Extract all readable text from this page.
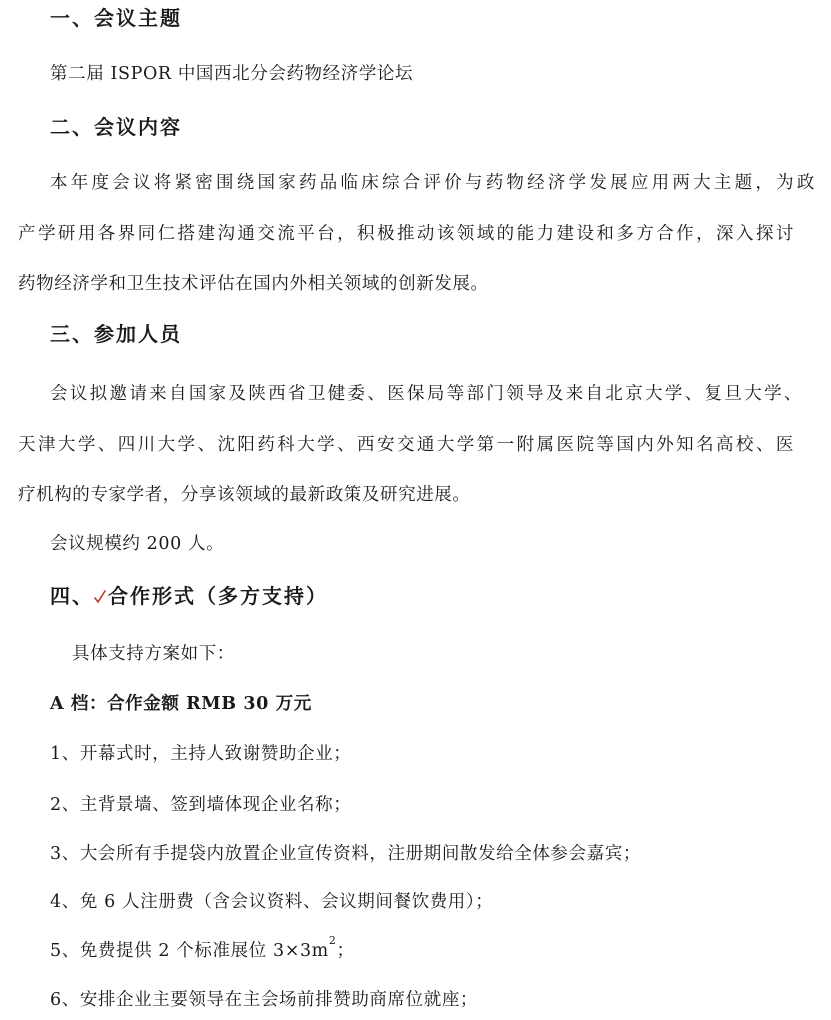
一、会议主题
第二届 ISPOR 中国西北分会药物经济学论坛
二、会议内容
本年度会议将紧密围绕国家药品临床综合评价与药物经济学发展应用两大主题，为政
产学研用各界同仁搭建沟通交流平台，积极推动该领域的能力建设和多方合作，深入探讨
药物经济学和卫生技术评估在国内外相关领域的创新发展。
三、参加人员
会议拟邀请来自国家及陕西省卫健委、医保局等部门领导及来自北京大学、复旦大学、
天津大学、四川大学、沈阳药科大学、西安交通大学第一附属医院等国内外知名高校、医
疗机构的专家学者，分享该领域的最新政策及研究进展。
会议规模约 200 人。
四、 合作形式（多方支持）
具体支持方案如下：
A 档：合作金额 RMB 30 万元
1、开幕式时，主持人致谢赞助企业；
2、主背景墙、签到墙体现企业名称；
3、大会所有手提袋内放置企业宣传资料，注册期间散发给全体参会嘉宾；
4、免 6 人注册费（含会议资料、会议期间餐饮费用）；
5、免费提供 2 个标准展位 $3\times 3m^2$；
6、安排企业主要领导在主会场前排赞助商席位就座；
